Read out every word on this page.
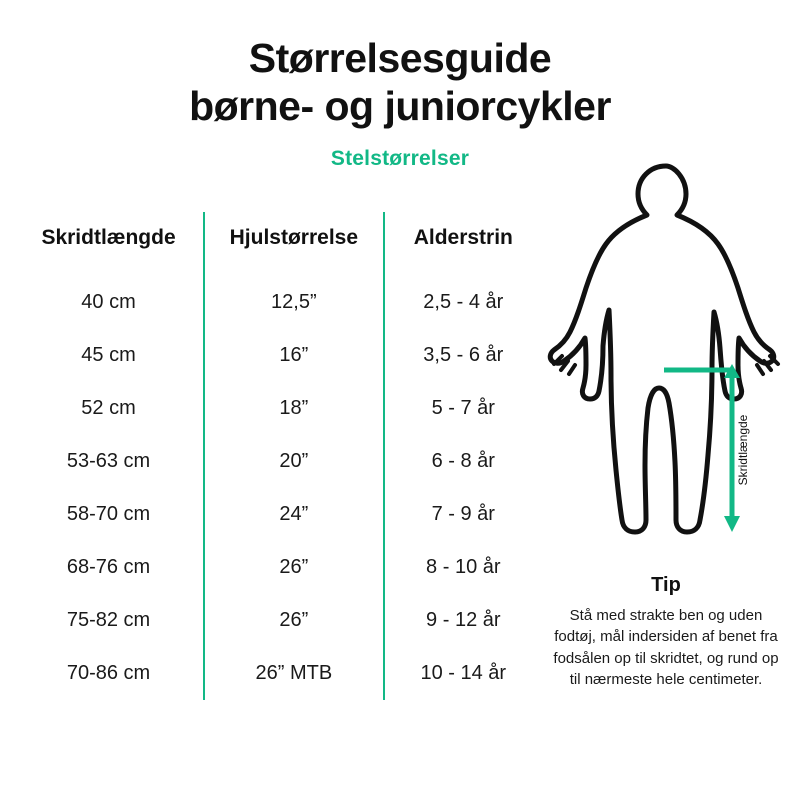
Størrelsesguide
børne- og juniorcykler
Stelstørrelser
Skridtlængde	Hjulstørrelse	Alderstrin
40 cm	12,5”	2,5 - 4 år
45 cm	16”	3,5 - 6 år
52 cm	18”	5 - 7 år
53-63 cm	20”	6 - 8 år
58-70 cm	24”	7 - 9 år
68-76 cm	26”	8 - 10 år
75-82 cm	26”	9 - 12 år
70-86 cm	26” MTB	10 - 14 år
Skridtlængde
Tip
Stå med strakte ben og uden fodtøj, mål indersiden af benet fra fodsålen op til skridtet, og rund op til nærmeste hele centimeter.
